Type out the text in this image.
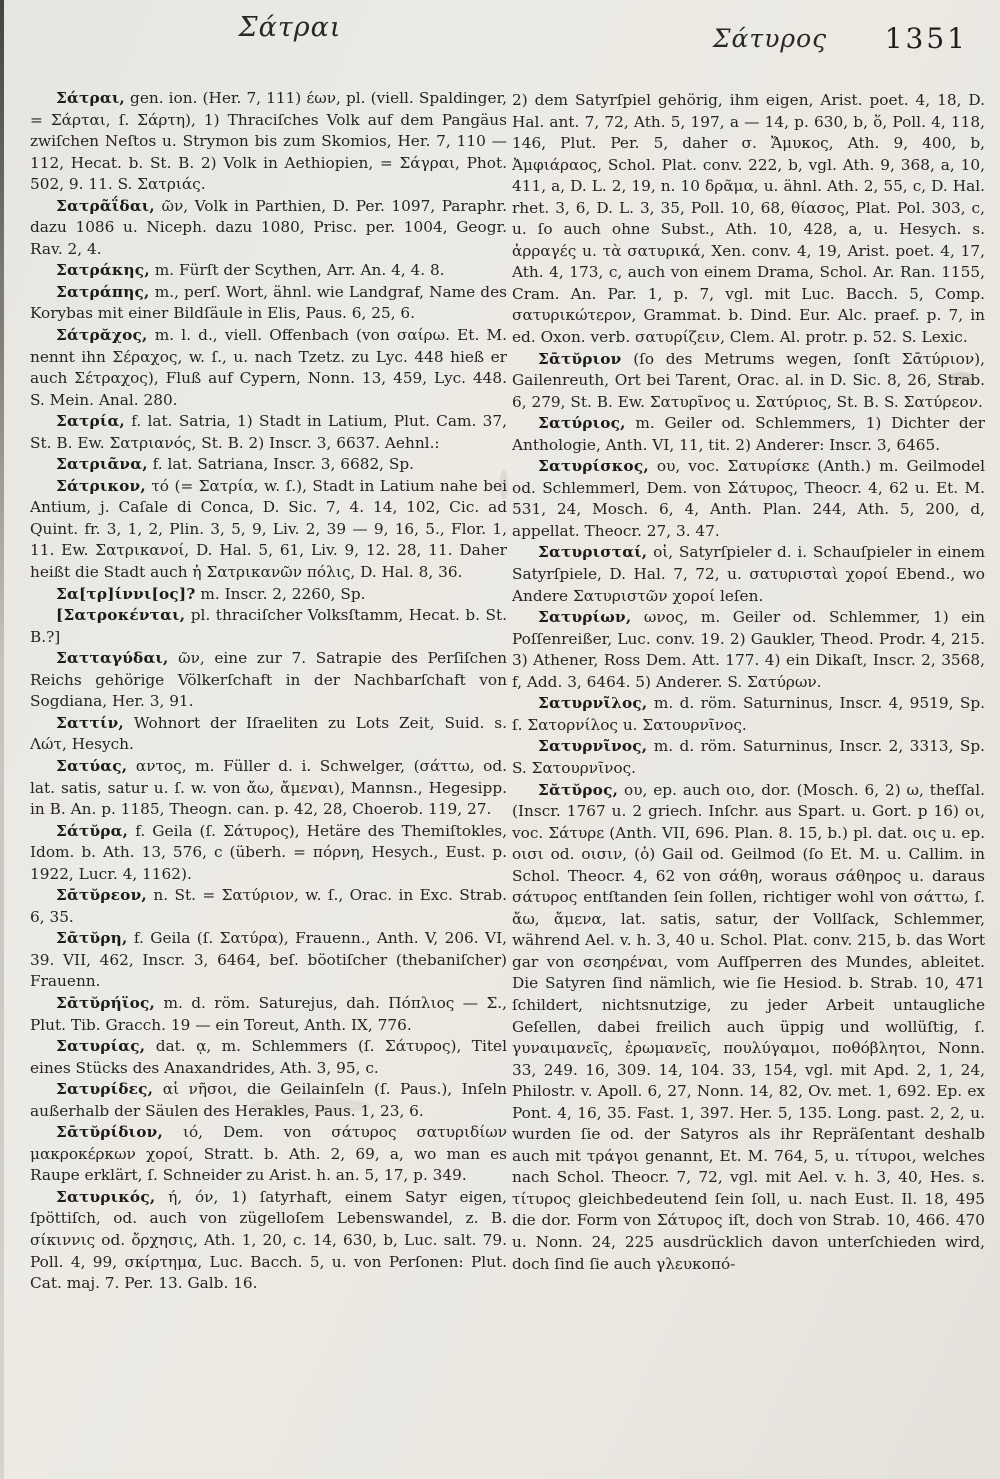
Σάτραι	Σάτυρος	1351

Σάτραι, gen. ion. (Her. 7, 111) έων, pl. (viell. Spaldinger, = Σάρται, ſ. Σάρτη), 1) Thraciſches Volk auf dem Pangäus zwiſchen Neſtos u. Strymon bis zum Skomios, Her. 7, 110 — 112, Hecat. b. St. B. 2) Volk in Aethiopien, = Σάγραι, Phot. 502, 9. 11. S. Σατριάς.

Σατρᾶΐδαι, ῶν, Volk in Parthien, D. Per. 1097, Paraphr. dazu 1086 u. Niceph. dazu 1080, Prisc. per. 1004, Geogr. Rav. 2, 4.

Σατράκης, m. Fürſt der Scythen, Arr. An. 4, 4. 8.

Σατράπης, m., perſ. Wort, ähnl. wie Landgraf, Name des Korybas mit einer Bildſäule in Elis, Paus. 6, 25, 6.

Σάτρᾰχος, m. l. d., viell. Offenbach (von σαίρω. Et. M. nennt ihn Σέραχος, w. ſ., u. nach Tzetz. zu Lyc. 448 hieß er auch Σέτραχος), Fluß auf Cypern, Nonn. 13, 459, Lyc. 448. S. Mein. Anal. 280.

Σατρία, f. lat. Satria, 1) Stadt in Latium, Plut. Cam. 37, St. B. Ew. Σατριανός, St. B. 2) Inscr. 3, 6637. Aehnl.:

Σατριᾶνα, f. lat. Satriana, Inscr. 3, 6682, Sp.

Σάτρικον, τό (= Σατρία, w. ſ.), Stadt in Latium nahe bei Antium, j. Caſale di Conca, D. Sic. 7, 4. 14, 102, Cic. ad Quint. fr. 3, 1, 2, Plin. 3, 5, 9, Liv. 2, 39 — 9, 16, 5., Flor. 1, 11. Ew. Σατρικανοί, D. Hal. 5, 61, Liv. 9, 12. 28, 11. Daher heißt die Stadt auch ἡ Σατρικανῶν πόλις, D. Hal. 8, 36.

Σα[τρ]ίννι[ος]? m. Inscr. 2, 2260, Sp.

[Σατροκένται, pl. thraciſcher Volksſtamm, Hecat. b. St. B.?]

Σατταγύδαι, ῶν, eine zur 7. Satrapie des Perſiſchen Reichs gehörige Völkerſchaft in der Nachbarſchaft von Sogdiana, Her. 3, 91.

Σαττίν, Wohnort der Iſraeliten zu Lots Zeit, Suid. s. Λώτ, Hesych.

Σατύας, αντος, m. Füller d. i. Schwelger, (σάττω, od. lat. satis, satur u. ſ. w. von ἄω, ἄμεναι), Mannsn., Hegesipp. in B. An. p. 1185, Theogn. can. p. 42, 28, Choerob. 119, 27.

Σάτῠρα, f. Geila (ſ. Σάτυρος), Hetäre des Themiſtokles, Idom. b. Ath. 13, 576, c (überh. = πόρνη, Hesych., Eust. p. 1922, Lucr. 4, 1162).

Σᾱτῠρεον, n. St. = Σατύριον, w. ſ., Orac. in Exc. Strab. 6, 35.

Σᾱτῠρη, f. Geila (ſ. Σατύρα), Frauenn., Anth. V, 206. VI, 39. VII, 462, Inscr. 3, 6464, beſ. böotiſcher (thebaniſcher) Frauenn.

Σᾱτῠρήϊος, m. d. röm. Saturejus, dah. Πόπλιος — Σ., Plut. Tib. Gracch. 19 — ein Toreut, Anth. IX, 776.

Σατυρίας, dat. ᾳ, m. Schlemmers (ſ. Σάτυρος), Titel eines Stücks des Anaxandrides, Ath. 3, 95, c.

Σατυρίδες, αἱ νῆσοι, die Geilainſeln (ſ. Paus.), Inſeln außerhalb der Säulen des Herakles, Paus. 1, 23, 6.

Σᾱτῠρίδιον, ιό, Dem. von σάτυρος σατυριδίων μακροκέρκων χοροί, Stratt. b. Ath. 2, 69, a, wo man es Raupe erklärt, ſ. Schneider zu Arist. h. an. 5, 17, p. 349.

Σατυρικός, ή, όν, 1) ſatyrhaft, einem Satyr eigen, ſpöttiſch, od. auch von zügelloſem Lebenswandel, z. B. σίκιννις od. ὄρχησις, Ath. 1, 20, c. 14, 630, b, Luc. salt. 79. Poll. 4, 99, σκίρτημα, Luc. Bacch. 5, u. von Perſonen: Plut. Cat. maj. 7. Per. 13. Galb. 16.

2) dem Satyrſpiel gehörig, ihm eigen, Arist. poet. 4, 18, D. Hal. ant. 7, 72, Ath. 5, 197, a — 14, p. 630, b, ὅ, Poll. 4, 118, 146, Plut. Per. 5, daher σ. Ἄμυκος, Ath. 9, 400, b, Ἀμφιάραος, Schol. Plat. conv. 222, b, vgl. Ath. 9, 368, a, 10, 411, a, D. L. 2, 19, n. 10 δρᾶμα, u. ähnl. Ath. 2, 55, c, D. Hal. rhet. 3, 6, D. L. 3, 35, Poll. 10, 68, θίασος, Plat. Pol. 303, c, u. ſo auch ohne Subst., Ath. 10, 428, a, u. Hesych. s. ἀρραγές u. τὰ σατυρικά, Xen. conv. 4, 19, Arist. poet. 4, 17, Ath. 4, 173, c, auch von einem Drama, Schol. Ar. Ran. 1155, Cram. An. Par. 1, p. 7, vgl. mit Luc. Bacch. 5, Comp. σατυρικώτερον, Grammat. b. Dind. Eur. Alc. praef. p. 7, in ed. Oxon. verb. σατυρίζειν, Clem. Al. protr. p. 52. S. Lexic.

Σᾱτῠριον (ſo des Metrums wegen, ſonſt Σᾱτύριον), Gailenreuth, Ort bei Tarent, Orac. al. in D. Sic. 8, 26, Strab. 6, 279, St. B. Ew. Σατυρῖνος u. Σατύριος, St. B. S. Σατύρεον.

Σατύριος, m. Geiler od. Schlemmers, 1) Dichter der Anthologie, Anth. VI, 11, tit. 2) Anderer: Inscr. 3, 6465.

Σατυρίσκος, ου, voc. Σατυρίσκε (Anth.) m. Geilmodel od. Schlemmerl, Dem. von Σάτυρος, Theocr. 4, 62 u. Et. M. 531, 24, Mosch. 6, 4, Anth. Plan. 244, Ath. 5, 200, d, appellat. Theocr. 27, 3. 47.

Σατυρισταί, οἱ, Satyrſpieler d. i. Schauſpieler in einem Satyrſpiele, D. Hal. 7, 72, u. σατυρισταὶ χοροί Ebend., wo Andere Σατυριστῶν χοροί leſen.

Σατυρίων, ωνος, m. Geiler od. Schlemmer, 1) ein Poſſenreißer, Luc. conv. 19. 2) Gaukler, Theod. Prodr. 4, 215. 3) Athener, Ross Dem. Att. 177. 4) ein Dikaſt, Inscr. 2, 3568, f, Add. 3, 6464. 5) Anderer. S. Σατύρων.

Σατυρνῖλος, m. d. röm. Saturninus, Inscr. 4, 9519, Sp. ſ. Σατορνίλος u. Σατουρνῖνος.

Σατυρνῖνος, m. d. röm. Saturninus, Inscr. 2, 3313, Sp. S. Σατουρνῖνος.

Σᾰτῠρος, ου, ep. auch οιο, dor. (Mosch. 6, 2) ω, theſſal. (Inscr. 1767 u. 2 griech. Inſchr. aus Spart. u. Gort. p 16) οι, voc. Σάτυρε (Anth. VII, 696. Plan. 8. 15, b.) pl. dat. οις u. ep. οισι od. οισιν, (ὁ) Gail od. Geilmod (ſo Et. M. u. Callim. in Schol. Theocr. 4, 62 von σάθη, woraus σάθηρος u. daraus σάτυρος entſtanden ſein ſollen, richtiger wohl von σάττω, ſ. ἄω, ἄμενα, lat. satis, satur, der Vollſack, Schlemmer, während Ael. v. h. 3, 40 u. Schol. Plat. conv. 215, b. das Wort gar von σεσηρέναι, vom Aufſperren des Mundes, ableitet. Die Satyren ſind nämlich, wie ſie Hesiod. b. Strab. 10, 471 ſchildert, nichtsnutzige, zu jeder Arbeit untaugliche Geſellen, dabei freilich auch üppig und wollüſtig, ſ. γυναιμανεῖς, ἐρωμανεῖς, πουλύγαμοι, ποθόβλητοι, Nonn. 33, 249. 16, 309. 14, 104. 33, 154, vgl. mit Apd. 2, 1, 24, Philostr. v. Apoll. 6, 27, Nonn. 14, 82, Ov. met. 1, 692. Ep. ex Pont. 4, 16, 35. Fast. 1, 397. Her. 5, 135. Long. past. 2, 2, u. wurden ſie od. der Satyros als ihr Repräſentant deshalb auch mit τράγοι genannt, Et. M. 764, 5, u. τίτυροι, welches nach Schol. Theocr. 7, 72, vgl. mit Ael. v. h. 3, 40, Hes. s. τίτυρος gleichbedeutend ſein ſoll, u. nach Eust. Il. 18, 495 die dor. Form von Σάτυρος iſt, doch von Strab. 10, 466. 470 u. Nonn. 24, 225 ausdrücklich davon unterſchieden wird, doch ſind ſie auch γλευκοπό-
